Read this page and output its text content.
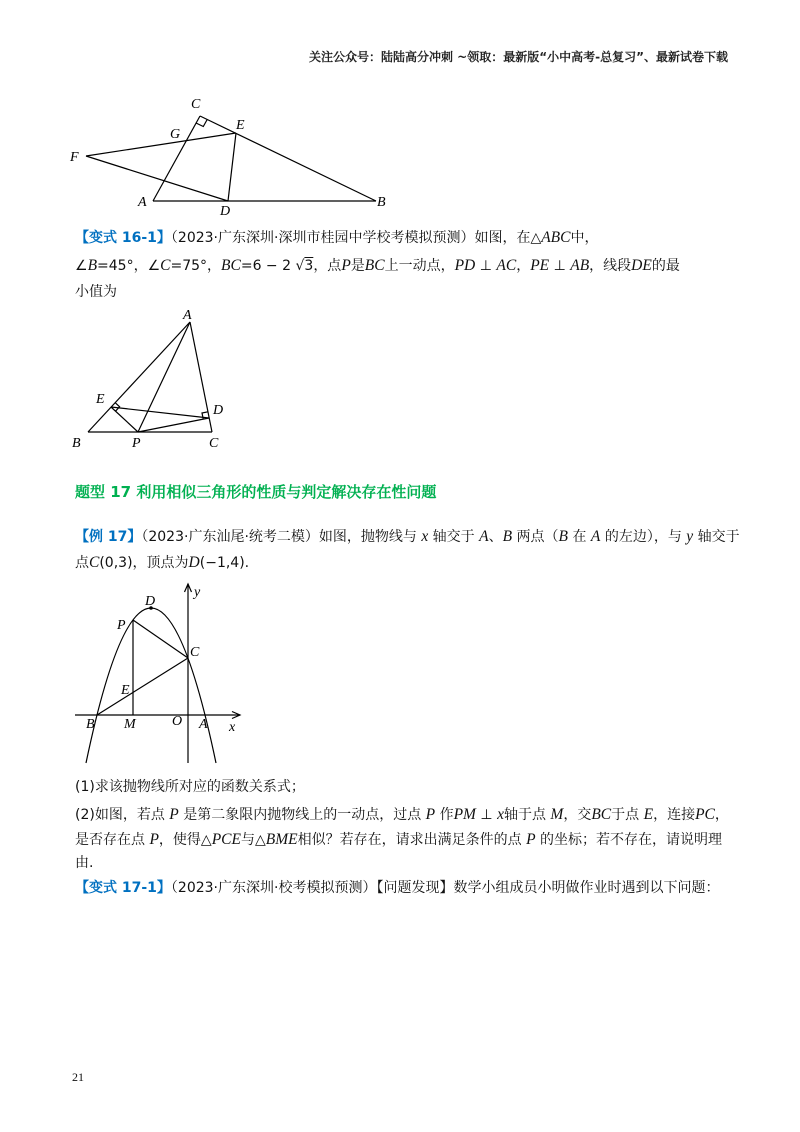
关注公众号：陆陆高分冲刺 ~领取：最新版“小中高考-总复习”、最新试卷下载
C
G
E
F
A
D
B
【变式 16-1】（2023·广东深圳·深圳市桂园中学校考模拟预测）如图，在△ABC中，
∠B=45°，∠C=75°，BC=6 − 2 √3，点P是BC上一动点，PD ⊥ AC，PE ⊥ AB，线段DE的最
小值为
A
E
D
B	P	C
题型 17 利用相似三角形的性质与判定解决存在性问题
【例 17】（2023·广东汕尾·统考二模）如图，抛物线与 x 轴交于 A、B 两点（B 在 A 的左边），与 y 轴交于
点C(0,3)，顶点为D(−1,4).
y
x
O
D
P
C
E
B M	A
(1)求该抛物线所对应的函数关系式；
(2)如图，若点 P 是第二象限内抛物线上的一动点，过点 P 作PM ⊥ x轴于点 M，交BC于点 E，连接PC，
是否存在点 P，使得△PCE与△BME相似？若存在，请求出满足条件的点 P 的坐标；若不存在，请说明理
由.
【变式 17-1】（2023·广东深圳·校考模拟预测）【问题发现】数学小组成员小明做作业时遇到以下问题：
21
